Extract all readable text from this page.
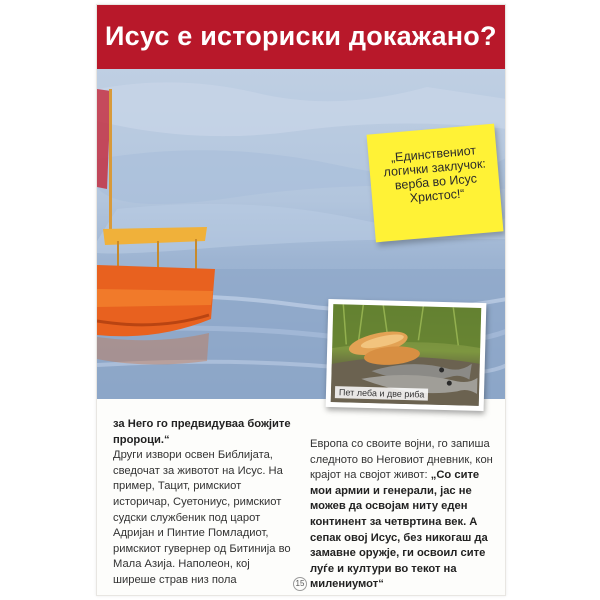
Исус е историски докажано?
„Единствениот логички заклучок: верба во Исус Христос!“
Пет леба и две риба
за Него го предвидуваа божјите пророци.“
Други извори освен Библијата, сведочат за животот на Исус. На пример, Тацит, римскиот историчар, Суетониус, римскиот судски службеник под царот Адријан и Пинтие Помладиот, римскиот гувернер од Битинија во Мала Азија. Наполеон, кој ширеше страв низ пола
Европа со своите војни, го запиша следното во Неговиот дневник, кон крајот на својот живот: „Со сите мои армии и генерали, јас не можев да освојам ниту еден континент за четвртина век. А сепак овој Исус, без никогаш да замавне оружје, ги освоил сите луѓе и култури во текот на милениумот“
15
